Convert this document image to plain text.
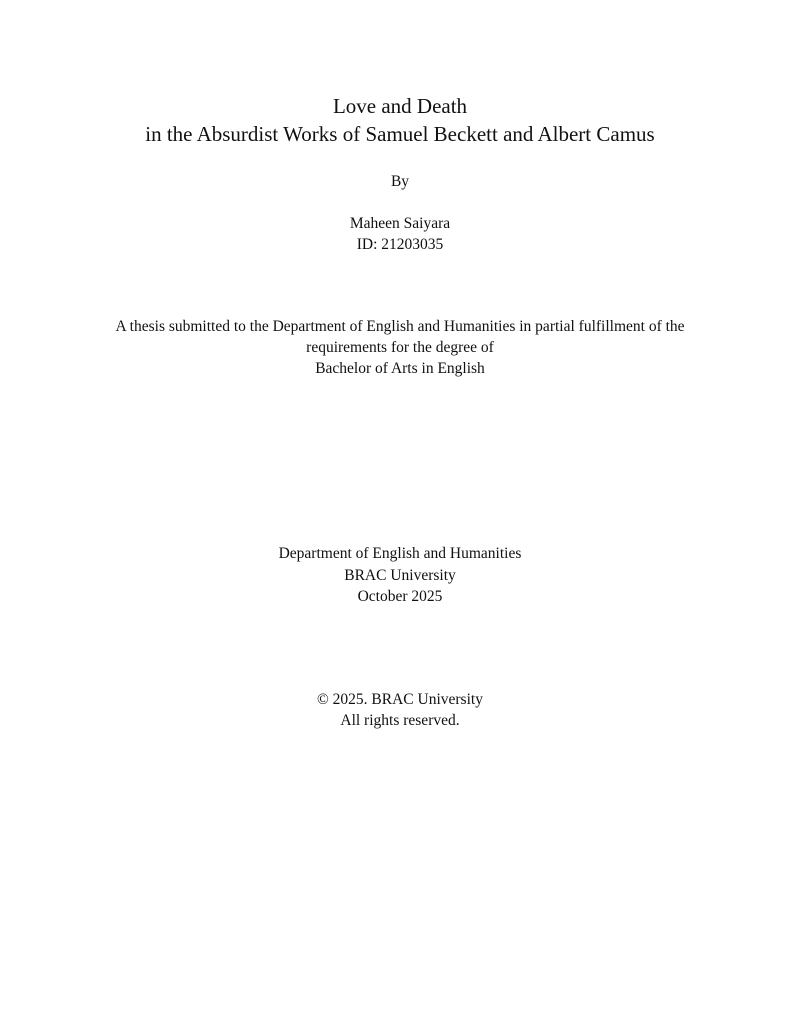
Love and Death
in the Absurdist Works of Samuel Beckett and Albert Camus
By
Maheen Saiyara
ID: 21203035
A thesis submitted to the Department of English and Humanities in partial fulfillment of the
requirements for the degree of
Bachelor of Arts in English
Department of English and Humanities
BRAC University
October 2025
© 2025. BRAC University
All rights reserved.
